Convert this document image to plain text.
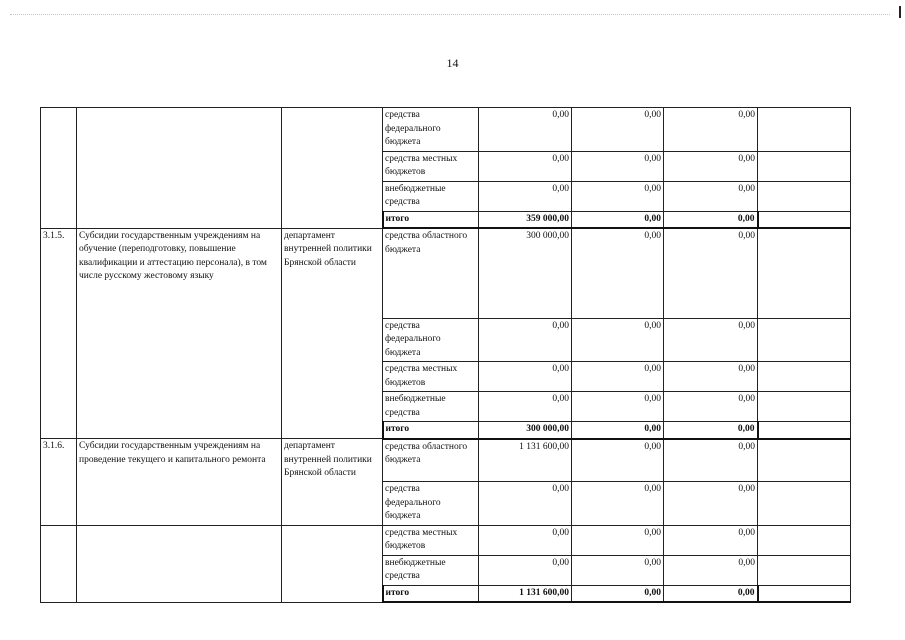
14
			средства федерального бюджета	0,00	0,00	0,00	
			средства местных бюджетов	0,00	0,00	0,00	
			внебюджетные средства	0,00	0,00	0,00	
			итого	359 000,00	0,00	0,00	
3.1.5.	Субсидии государственным учреждениям на обучение (переподготовку, повышение квалификации и аттестацию персонала), в том числе русскому жестовому языку	департамент внутренней политики Брянской области	средства областного бюджета	300 000,00	0,00	0,00	
			средства федерального бюджета	0,00	0,00	0,00	
			средства местных бюджетов	0,00	0,00	0,00	
			внебюджетные средства	0,00	0,00	0,00	
			итого	300 000,00	0,00	0,00	
3.1.6.	Субсидии государственным учреждениям на проведение текущего и капитального ремонта	департамент внутренней политики Брянской области	средства областного бюджета	1 131 600,00	0,00	0,00	
			средства федерального бюджета	0,00	0,00	0,00	
			средства местных бюджетов	0,00	0,00	0,00	
			внебюджетные средства	0,00	0,00	0,00	
			итого	1 131 600,00	0,00	0,00	
